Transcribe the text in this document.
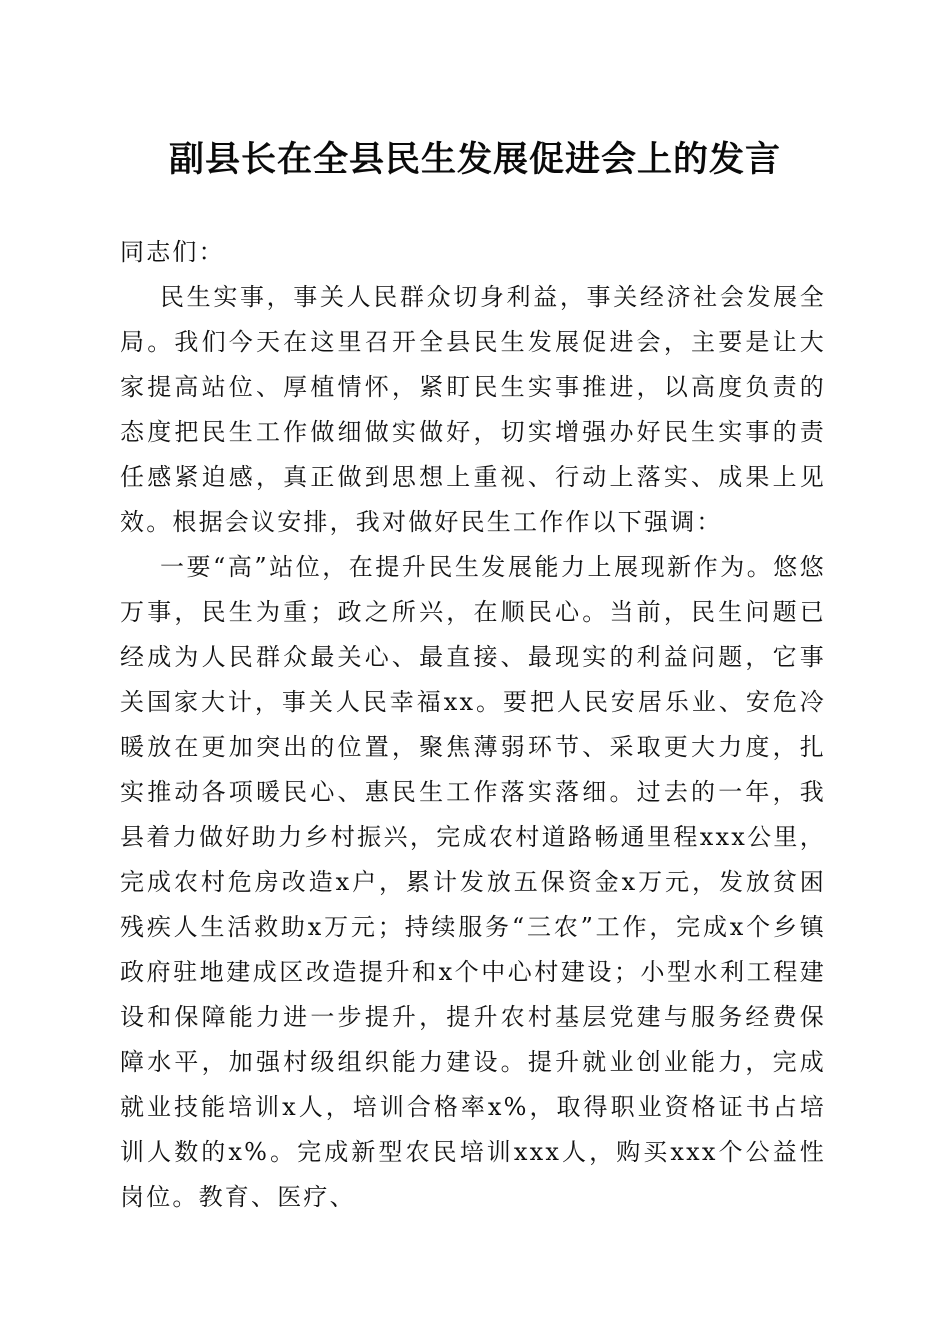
副县长在全县民生发展促进会上的发言

同志们：

民生实事，事关人民群众切身利益，事关经济社会发展全局。我们今天在这里召开全县民生发展促进会，主要是让大家提高站位、厚植情怀，紧盯民生实事推进，以高度负责的态度把民生工作做细做实做好，切实增强办好民生实事的责任感紧迫感，真正做到思想上重视、行动上落实、成果上见效。根据会议安排，我对做好民生工作作以下强调：

一要“高”站位，在提升民生发展能力上展现新作为。悠悠万事，民生为重；政之所兴，在顺民心。当前，民生问题已经成为人民群众最关心、最直接、最现实的利益问题，它事关国家大计，事关人民幸福xx。要把人民安居乐业、安危冷暖放在更加突出的位置，聚焦薄弱环节、采取更大力度，扎实推动各项暖民心、惠民生工作落实落细。过去的一年，我县着力做好助力乡村振兴，完成农村道路畅通里程xxx公里，完成农村危房改造x户，累计发放五保资金x万元，发放贫困残疾人生活救助x万元；持续服务“三农”工作，完成x个乡镇政府驻地建成区改造提升和x个中心村建设；小型水利工程建设和保障能力进一步提升，提升农村基层党建与服务经费保障水平，加强村级组织能力建设。提升就业创业能力，完成就业技能培训x人，培训合格率x%，取得职业资格证书占培训人数的x%。完成新型农民培训xxx人，购买xxx个公益性岗位。教育、医疗、
